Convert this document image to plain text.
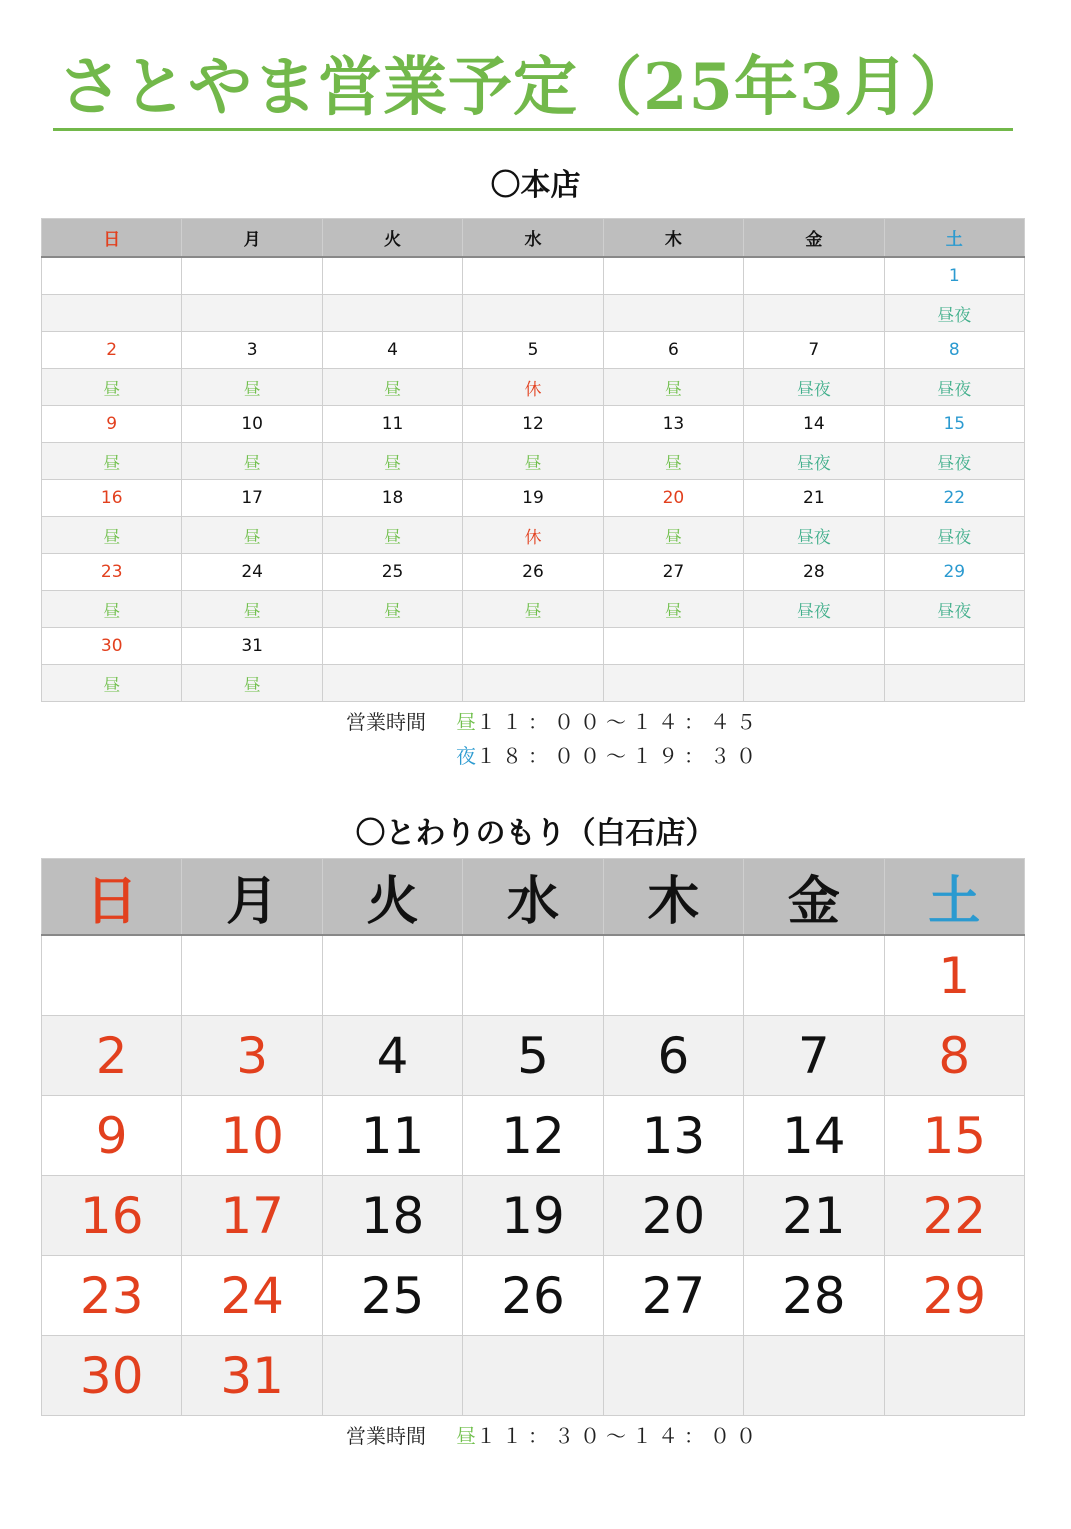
さとやま営業予定（25年3月）
〇本店
日	月	火	水	木	金	土
						1
						昼夜
2	3	4	5	6	7	8
昼	昼	昼	休	昼	昼夜	昼夜
9	10	11	12	13	14	15
昼	昼	昼	昼	昼	昼夜	昼夜
16	17	18	19	20	21	22
昼	昼	昼	休	昼	昼夜	昼夜
23	24	25	26	27	28	29
昼	昼	昼	昼	昼	昼夜	昼夜
30	31					
昼	昼					
営業時間 昼１１：００〜１４：４５
夜１８：００〜１９：３０
〇とわりのもり（白石店）
日	月	火	水	木	金	土
						1
2	3	4	5	6	7	8
9	10	11	12	13	14	15
16	17	18	19	20	21	22
23	24	25	26	27	28	29
30	31					
営業時間 昼１１：３０〜１４：００
